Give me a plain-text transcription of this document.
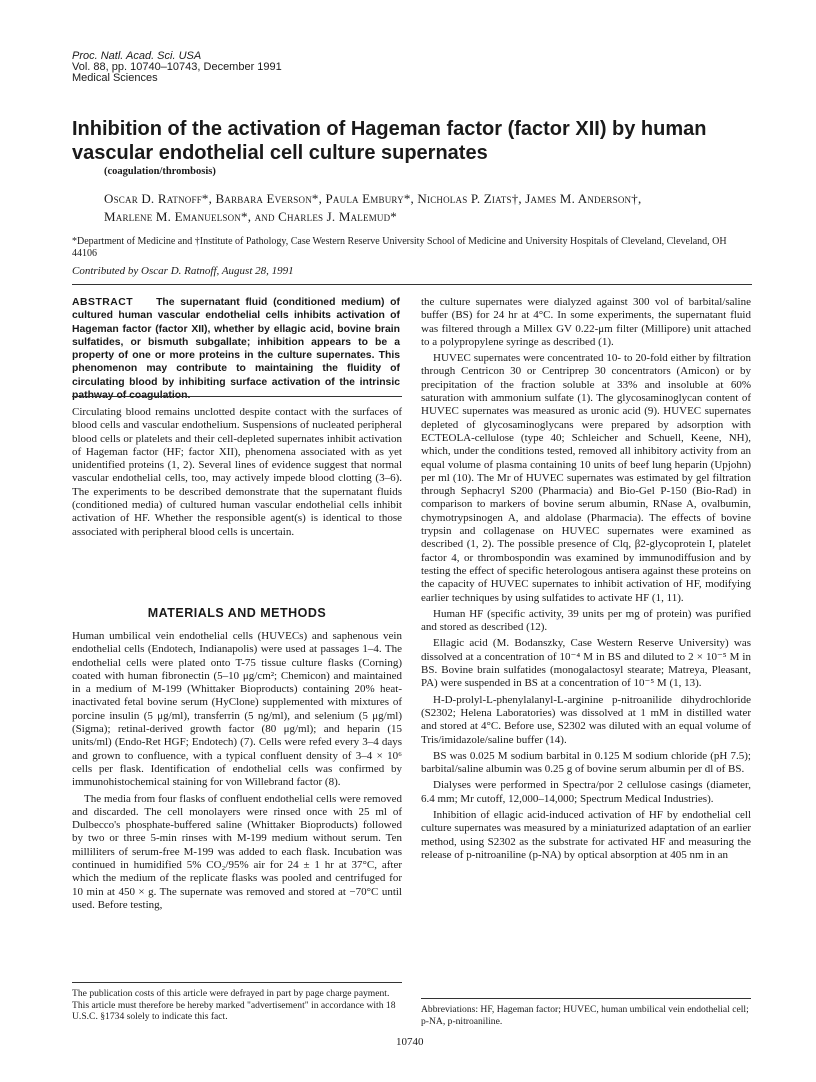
Proc. Natl. Acad. Sci. USA
Vol. 88, pp. 10740–10743, December 1991
Medical Sciences
Inhibition of the activation of Hageman factor (factor XII) by human vascular endothelial cell culture supernates
(coagulation/thrombosis)
Oscar D. Ratnoff*, Barbara Everson*, Paula Embury*, Nicholas P. Ziats†, James M. Anderson†,
Marlene M. Emanuelson*, and Charles J. Malemud*
*Department of Medicine and †Institute of Pathology, Case Western Reserve University School of Medicine and University Hospitals of Cleveland, Cleveland, OH 44106
Contributed by Oscar D. Ratnoff, August 28, 1991
ABSTRACT The supernatant fluid (conditioned medium) of cultured human vascular endothelial cells inhibits activation of Hageman factor (factor XII), whether by ellagic acid, bovine brain sulfatides, or bismuth subgallate; inhibition appears to be a property of one or more proteins in the culture supernates. This phenomenon may contribute to maintaining the fluidity of circulating blood by inhibiting surface activation of the intrinsic

Circulating blood remains unclotted despite contact with the surfaces of blood cells and vascular endothelium. Suspensions of nucleated peripheral blood cells or platelets and their cell-depleted supernates inhibit activation of Hageman factor (HF; factor XII), phenomena associated with as yet unidentified proteins (1, 2). Several lines of evidence suggest that normal vascular endothelial cells, too, may actively impede blood clotting (3–6). The experiments to be described demonstrate that the supernatant fluids (conditioned media) of cultured human vascular endothelial cells inhibit activation of HF. Whether the responsible agent(s) is identical to those associated with peripheral blood cells is uncertain.

MATERIALS AND METHODS

Human umbilical vein endothelial cells (HUVECs) and saphenous vein endothelial cells (Endotech, Indianapolis) were used at passages 1–4. The endothelial cells were plated onto T-75 tissue culture flasks (Corning) coated with human fibronectin (5–10 μg/cm²; Chemicon) and maintained in a medium of M-199 (Whittaker Bioproducts) containing 20% heat-inactivated fetal bovine serum (HyClone) supplemented with mixtures of porcine insulin (5 μg/ml), transferrin (5 ng/ml), and selenium (5 μg/ml) (Sigma); retinal-derived growth factor (80 μg/ml); and heparin (15 units/ml) (Endo-Ret HGF; Endotech) (7). Cells were refed every 3–4 days and grown to confluence, with a typical confluent density of 3–4 × 10⁶ cells per flask. Identification of endothelial cells was confirmed by immunohistochemical staining for von Willebrand factor (8).

The media from four flasks of confluent endothelial cells were removed and discarded. The cell monolayers were rinsed once with 25 ml of Dulbecco's phosphate-buffered saline (Whittaker Bioproducts) followed by two or three 5-min rinses with M-199 medium without serum. Ten milliliters of serum-free M-199 was added to each flask. Incubation was continued in humidified 5% CO₂/95% air for 24 ± 1 hr at 37°C, after which the medium of the replicate flasks was pooled and centrifuged for 10 min at 450 × g. The supernate was removed and stored at −70°C until used. Before testing,

the culture supernates were dialyzed against 300 vol of barbital/saline buffer (BS) for 24 hr at 4°C. In some experiments, the supernatant fluid was filtered through a Millex GV 0.22-μm filter (Millipore) unit attached to a polypropylene syringe as described (1).

HUVEC supernates were concentrated 10- to 20-fold either by filtration through Centricon 30 or Centriprep 30 concentrators (Amicon) or by precipitation of the fraction soluble at 33% and insoluble at 60% saturation with ammonium sulfate (1). The glycosaminoglycan content of HUVEC supernates was measured as uronic acid (9). HUVEC supernates depleted of glycosaminoglycans were prepared by adsorption with ECTEOLA-cellulose (type 40; Schleicher and Schuell, Keene, NH), which, under the conditions tested, removed all inhibitory activity from an equal volume of plasma containing 10 units of beef lung heparin (Upjohn) per ml (10). The Mr of HUVEC supernates was estimated by gel filtration through Sephacryl S200 (Pharmacia) and Bio-Gel P-150 (Bio-Rad) in comparison to markers of bovine serum albumin, RNase A, ovalbumin, chymotrypsinogen A, and aldolase (Pharmacia). The effects of bovine trypsin and collagenase on HUVEC supernates were examined as described (1, 2). The possible presence of Clq, β2-glycoprotein I, platelet factor 4, or thrombospondin was examined by immunodiffusion and by testing the effect of specific heterologous antisera against these proteins on the capacity of HUVEC supernates to inhibit activation of HF, modifying earlier techniques by using sulfatides to activate HF (1, 11).

Human HF (specific activity, 39 units per mg of protein) was purified and stored as described (12).

Ellagic acid (M. Bodanszky, Case Western Reserve University) was dissolved at a concentration of 10⁻⁴ M in BS and diluted to 2 × 10⁻⁵ M in BS. Bovine brain sulfatides (monogalactosyl stearate; Matreya, Pleasant, PA) were suspended in BS at a concentration of 10⁻⁵ M (1, 13).

H-D-prolyl-L-phenylalanyl-L-arginine p-nitroanilide dihydrochloride (S2302; Helena Laboratories) was dissolved at 1 mM in distilled water and stored at 4°C. Before use, S2302 was diluted with an equal volume of Tris/imidazole/saline buffer (14).

BS was 0.025 M sodium barbital in 0.125 M sodium chloride (pH 7.5); barbital/saline albumin was 0.25 g of bovine serum albumin per dl of BS.

Dialyses were performed in Spectra/por 2 cellulose casings (diameter, 6.4 mm; Mr cutoff, 12,000–14,000; Spectrum Medical Industries).

Inhibition of ellagic acid-induced activation of HF by endothelial cell culture supernates was measured by a miniaturized adaptation of an earlier method, using S2302 as the substrate for activated HF and measuring the release of p-nitroaniline (p-NA) by optical absorption at 405 nm in an

The publication costs of this article were defrayed in part by page charge payment. This article must therefore be hereby marked "advertisement" in accordance with 18 U.S.C. §1734 solely to indicate this fact.
Abbreviations: HF, Hageman factor; HUVEC, human umbilical vein endothelial cell; p-NA, p-nitroaniline.
10740
